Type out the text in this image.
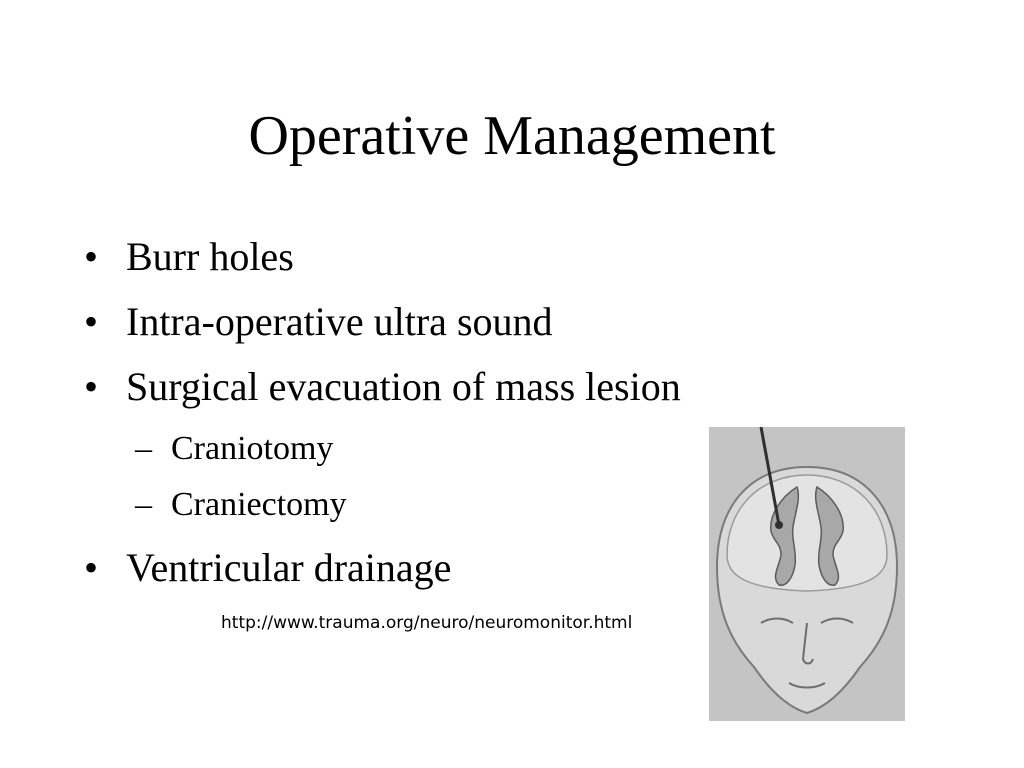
Operative Management
• Burr holes
• Intra-operative ultra sound
• Surgical evacuation of mass lesion
– Craniotomy
– Craniectomy
• Ventricular drainage
http://www.trauma.org/neuro/neuromonitor.html
